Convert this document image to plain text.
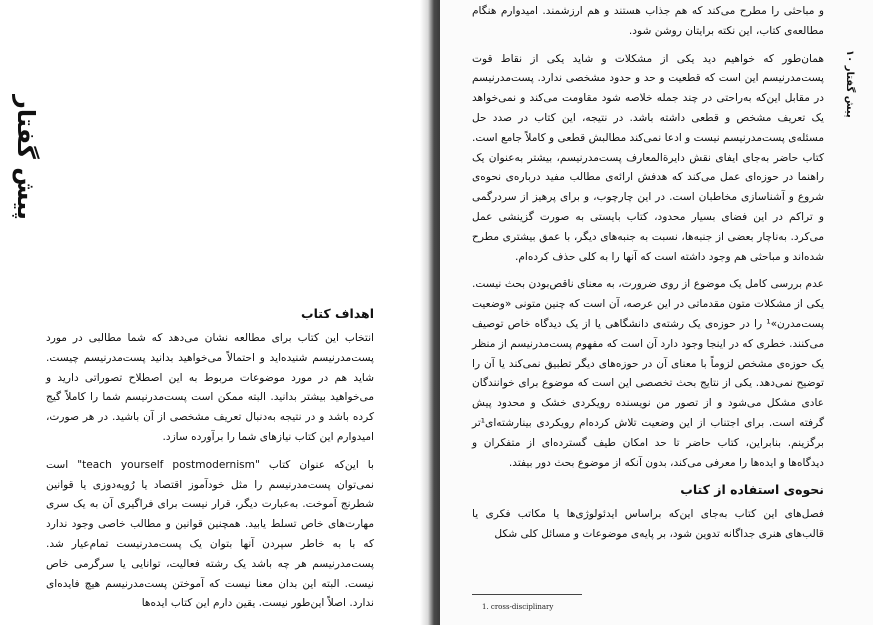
پیش گفتار
اهداف کتاب

انتخاب این کتاب برای مطالعه نشان می‌دهد که شما مطالبی در مورد پست‌مدرنیسم شنیده‌اید و احتمالاً می‌خواهید بدانید پست‌مدرنیسم چیست. شاید هم در مورد موضوعات مربوط به این اصطلاح تصوراتی دارید و می‌خواهید بیشتر بدانید. البته ممکن است پست‌مدرنیسم شما را کاملاً گیج کرده باشد و در نتیجه به‌دنبال تعریف مشخصی از آن باشید. در هر صورت، امیدوارم این کتاب نیازهای شما را برآورده سازد.

با این‌که عنوان کتاب "teach yourself postmodernism" است نمی‌توان پست‌مدرنیسم را مثل خودآموز اقتصاد یا رُویه‌دوزی یا قوانین شطرنج آموخت. به‌عبارت دیگر، قرار نیست برای فراگیری آن به یک سری مهارت‌های خاص تسلط یابید. همچنین قوانین و مطالب خاصی وجود ندارد که با به خاطر سپردن آنها بتوان یک پست‌مدرنیست تمام‌عیار شد. پست‌مدرنیسم هر چه باشد یک رشته فعالیت، توانایی یا سرگرمی خاص نیست. البته این بدان معنا نیست که آموختن پست‌مدرنیسم هیچ فایده‌ای ندارد. اصلاً این‌طور نیست. یقین دارم این کتاب ایده‌ها

۱۰ پیش گفتار

و مباحثی را مطرح می‌کند که هم جذاب هستند و هم ارزشمند. امیدوارم هنگام مطالعه‌ی کتاب، این نکته برایتان روشن شود.

همان‌طور که خواهیم دید یکی از مشکلات و شاید یکی از نقاط قوت پست‌مدرنیسم این است که قطعیت و حد و حدود مشخصی ندارد. پست‌مدرنیسم در مقابل این‌که به‌راحتی در چند جمله خلاصه شود مقاومت می‌کند و نمی‌خواهد یک تعریف مشخص و قطعی داشته باشد. در نتیجه، این کتاب در صدد حل مسئله‌ی پست‌مدرنیسم نیست و ادعا نمی‌کند مطالبش قطعی و کاملاً جامع است. کتاب حاضر به‌جای ایفای نقش دایرة‌المعارف پست‌مدرنیسم، بیشتر به‌عنوان یک راهنما در حوزه‌ای عمل می‌کند که هدفش ارائه‌ی مطالب مفید درباره‌ی نحوه‌ی شروع و آشناسازی مخاطبان است. در این چارچوب، و برای پرهیز از سردرگمی و تراکم در این فضای بسیار محدود، کتاب بایستی به صورت گزینشی عمل می‌کرد. به‌ناچار بعضی از جنبه‌ها، نسبت به جنبه‌های دیگر، با عمق بیشتری مطرح شده‌اند و مباحثی هم وجود داشته است که آنها را به کلی حذف کرده‌ام.

عدم بررسی کامل یک موضوع از روی ضرورت، به معنای ناقص‌بودن بحث نیست. یکی از مشکلات متون مقدماتی در این عرصه، آن است که چنین متونی «وضعیت پست‌مدرن»¹ را در حوزه‌ی یک رشته‌ی دانشگاهی یا از یک دیدگاه خاص توصیف می‌کنند. خطری که در اینجا وجود دارد آن است که مفهوم پست‌مدرنیسم از منظر یک حوزه‌ی مشخص لزوماً با معنای آن در حوزه‌های دیگر تطبیق نمی‌کند یا آن را توضیح نمی‌دهد. یکی از نتایج بحث تخصصی این است که موضوع برای خوانندگان عادی مشکل می‌شود و از تصور من نویسنده رویکردی خشک و محدود پیش گرفته است. برای اجتناب از این وضعیت تلاش کرده‌ام رویکردی بینارشته‌ای¹تر برگزینم. بنابراین، کتاب حاضر تا حد امکان طیف گسترده‌ای از متفکران و دیدگاه‌ها و ایده‌ها را معرفی می‌کند، بدون آنکه از موضوع بحث دور بیفتد.

نحوه‌ی استفاده از کتاب

فصل‌های این کتاب به‌جای این‌که براساس ایدئولوژی‌ها یا مکاتب فکری یا قالب‌های هنری جداگانه تدوین شود، بر پایه‌ی موضوعات و مسائل کلی شکل

1. cross-disciplinary
